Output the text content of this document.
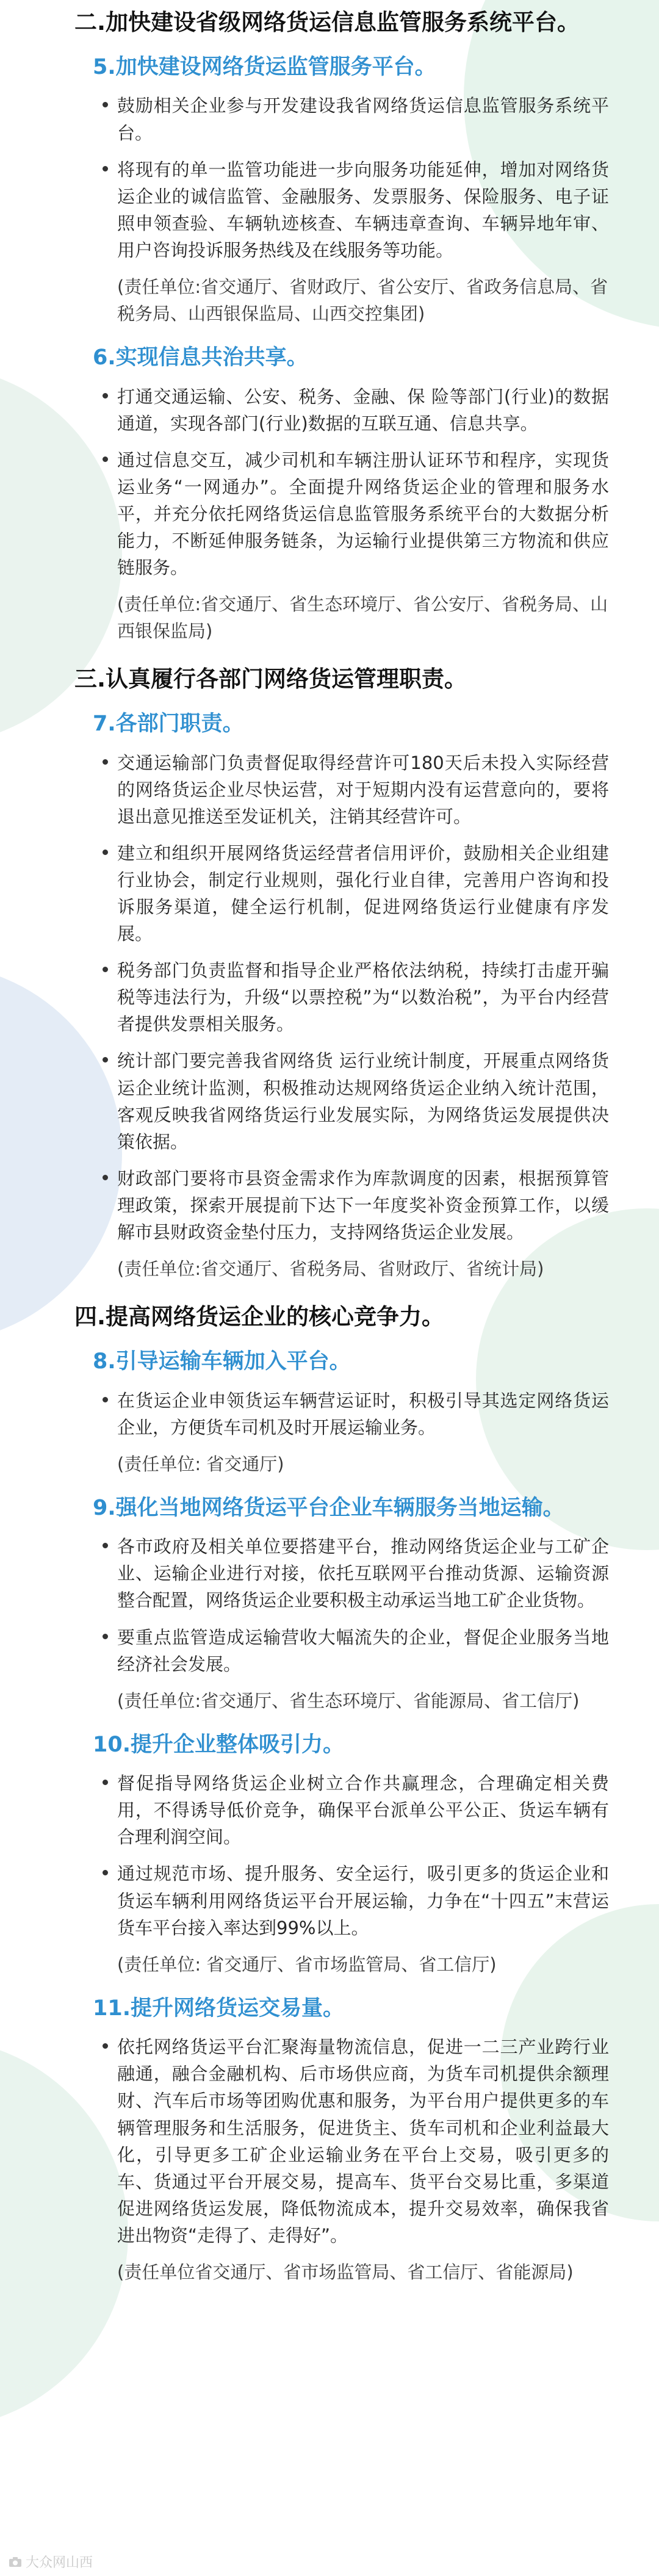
二.加快建设省级网络货运信息监管服务系统平台。
5.加快建设网络货运监管服务平台。
鼓励相关企业参与开发建设我省网络货运信息监管服务系统平台。
将现有的单一监管功能进一步向服务功能延伸，增加对网络货运企业的诚信监管、金融服务、发票服务、保险服务、电子证照申领查验、车辆轨迹核查、车辆违章查询、车辆异地年审、用户咨询投诉服务热线及在线服务等功能。
(责任单位:省交通厅、省财政厅、省公安厅、省政务信息局、省税务局、山西银保监局、山西交控集团)
6.实现信息共治共享。
打通交通运输、公安、税务、金融、保 险等部门(行业)的数据通道，实现各部门(行业)数据的互联互通、信息共享。
通过信息交互，减少司机和车辆注册认证环节和程序，实现货运业务“一网通办”。全面提升网络货运企业的管理和服务水平，并充分依托网络货运信息监管服务系统平台的大数据分析能力，不断延伸服务链条，为运输行业提供第三方物流和供应链服务。
(责任单位:省交通厅、省生态环境厅、省公安厅、省税务局、山西银保监局)
三.认真履行各部门网络货运管理职责。
7.各部门职责。
交通运输部门负责督促取得经营许可180天后未投入实际经营的网络货运企业尽快运营，对于短期内没有运营意向的，要将退出意见推送至发证机关，注销其经营许可。
建立和组织开展网络货运经营者信用评价，鼓励相关企业组建行业协会，制定行业规则，强化行业自律，完善用户咨询和投诉服务渠道，健全运行机制，促进网络货运行业健康有序发展。
税务部门负责监督和指导企业严格依法纳税，持续打击虚开骗税等违法行为，升级“以票控税”为“以数治税”，为平台内经营者提供发票相关服务。
统计部门要完善我省网络货 运行业统计制度，开展重点网络货运企业统计监测，积极推动达规网络货运企业纳入统计范围，客观反映我省网络货运行业发展实际，为网络货运发展提供决策依据。
财政部门要将市县资金需求作为库款调度的因素，根据预算管理政策，探索开展提前下达下一年度奖补资金预算工作，以缓解市县财政资金垫付压力，支持网络货运企业发展。
(责任单位:省交通厅、省税务局、省财政厅、省统计局)
四.提高网络货运企业的核心竞争力。
8.引导运输车辆加入平台。
在货运企业申领货运车辆营运证时，积极引导其选定网络货运企业，方便货车司机及时开展运输业务。
(责任单位: 省交通厅)
9.强化当地网络货运平台企业车辆服务当地运输。
各市政府及相关单位要搭建平台，推动网络货运企业与工矿企业、运输企业进行对接，依托互联网平台推动货源、运输资源整合配置，网络货运企业要积极主动承运当地工矿企业货物。
要重点监管造成运输营收大幅流失的企业，督促企业服务当地经济社会发展。
(责任单位:省交通厅、省生态环境厅、省能源局、省工信厅)
10.提升企业整体吸引力。
督促指导网络货运企业树立合作共赢理念，合理确定相关费用，不得诱导低价竞争，确保平台派单公平公正、货运车辆有合理利润空间。
通过规范市场、提升服务、安全运行，吸引更多的货运企业和货运车辆利用网络货运平台开展运输，力争在“十四五”末营运货车平台接入率达到99%以上。
(责任单位: 省交通厅、省市场监管局、省工信厅)
11.提升网络货运交易量。
依托网络货运平台汇聚海量物流信息，促进一二三产业跨行业融通，融合金融机构、后市场供应商，为货车司机提供余额理财、汽车后市场等团购优惠和服务，为平台用户提供更多的车辆管理服务和生活服务，促进货主、货车司机和企业利益最大化，引导更多工矿企业运输业务在平台上交易，吸引更多的车、货通过平台开展交易，提高车、货平台交易比重，多渠道促进网络货运发展，降低物流成本，提升交易效率，确保我省进出物资“走得了、走得好”。
(责任单位省交通厅、省市场监管局、省工信厅、省能源局)
大众网山西
